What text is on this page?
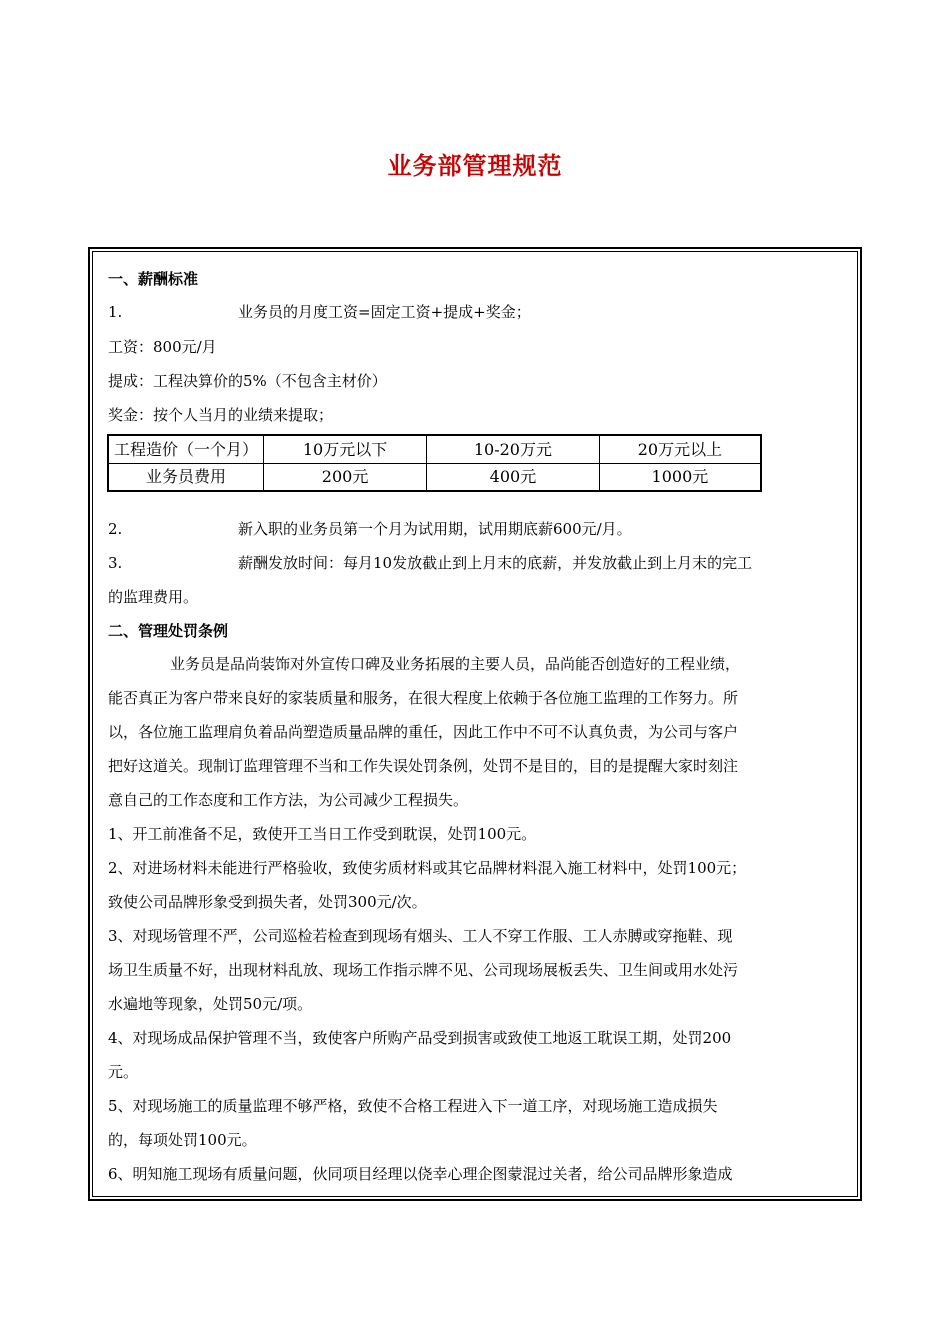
业务部管理规范
一、薪酬标准
1.	业务员的月度工资=固定工资+提成+奖金；
工资：800元/月
提成：工程决算价的5%（不包含主材价）
奖金：按个人当月的业绩来提取；
工程造价（一个月）	10万元以下	10-20万元	20万元以上
业务员费用	200元	400元	1000元
2.	新入职的业务员第一个月为试用期，试用期底薪600元/月。
3.	薪酬发放时间：每月10发放截止到上月末的底薪，并发放截止到上月末的完工
的监理费用。
二、管理处罚条例
业务员是品尚装饰对外宣传口碑及业务拓展的主要人员，品尚能否创造好的工程业绩，
能否真正为客户带来良好的家装质量和服务，在很大程度上依赖于各位施工监理的工作努力。所
以，各位施工监理肩负着品尚塑造质量品牌的重任，因此工作中不可不认真负责，为公司与客户
把好这道关。现制订监理管理不当和工作失误处罚条例，处罚不是目的，目的是提醒大家时刻注
意自己的工作态度和工作方法，为公司减少工程损失。
1、开工前准备不足，致使开工当日工作受到耽误，处罚100元。
2、对进场材料未能进行严格验收，致使劣质材料或其它品牌材料混入施工材料中，处罚100元；
致使公司品牌形象受到损失者，处罚300元/次。
3、对现场管理不严，公司巡检若检查到现场有烟头、工人不穿工作服、工人赤膊或穿拖鞋、现
场卫生质量不好，出现材料乱放、现场工作指示牌不见、公司现场展板丢失、卫生间或用水处污
水遍地等现象，处罚50元/项。
4、对现场成品保护管理不当，致使客户所购产品受到损害或致使工地返工耽误工期，处罚200
元。
5、对现场施工的质量监理不够严格，致使不合格工程进入下一道工序，对现场施工造成损失
的，每项处罚100元。
6、明知施工现场有质量问题，伙同项目经理以侥幸心理企图蒙混过关者，给公司品牌形象造成
